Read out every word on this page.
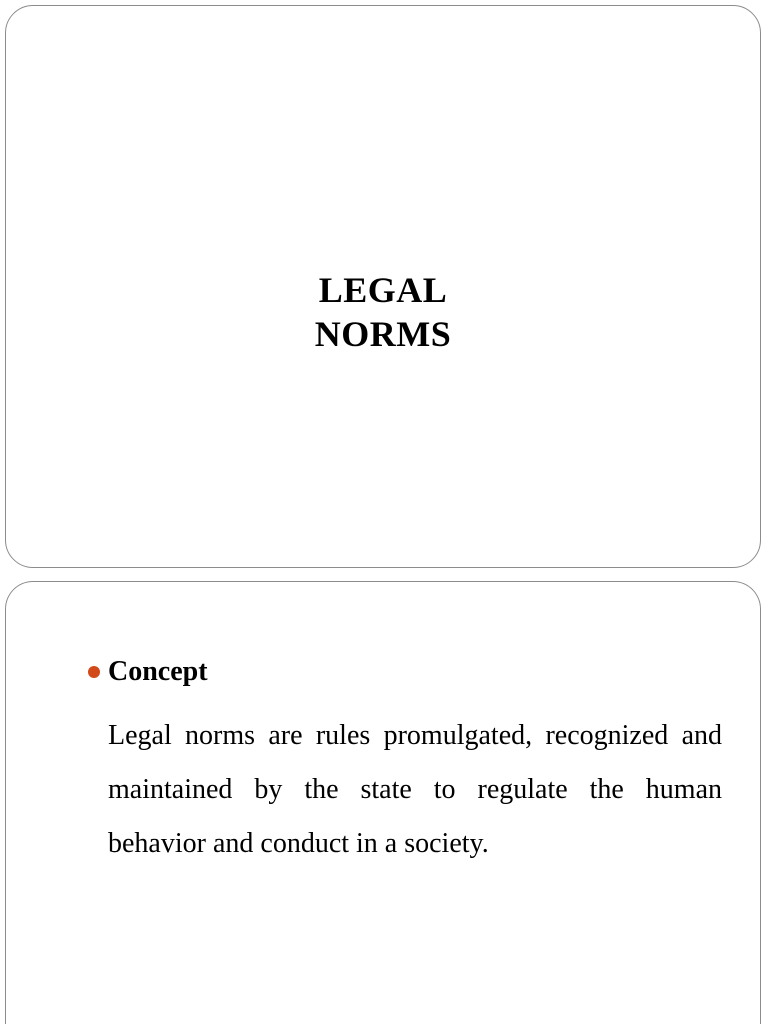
LEGAL
NORMS
Concept
Legal norms are rules promulgated, recognized and maintained by the state to regulate the human behavior and conduct in a society.
